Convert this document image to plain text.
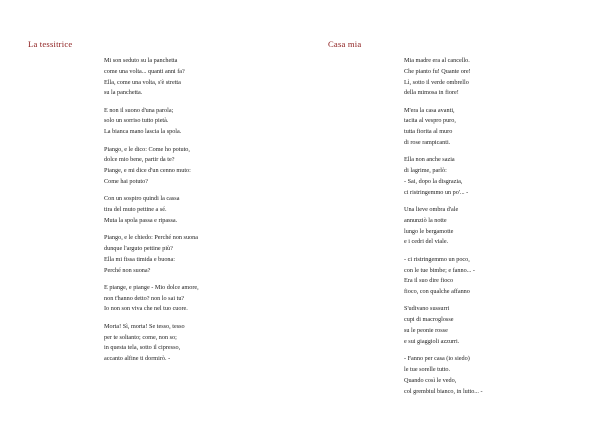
La tessitrice
Mi son seduto su la panchetta
come una volta... quanti anni fa?
Ella, come una volta, s'è stretta
su la panchetta.
E non il suono d'una parola;
solo un sorriso tutto pietà.
La bianca mano lascia la spola.
Piango, e le dico: Come ho potuto,
dolce mio bene, partir da te?
Piange, e mi dice d'un cenno muto:
Come hai potuto?
Con un sospiro quindi la cassa
tira del muto pettine a sé.
Muta la spola passa e ripassa.
Piango, e le chiedo: Perché non suona
dunque l'arguto pettine più?
Ella mi fissa timida e buona:
Perché non suona?
E piange, e piange - Mio dolce amore,
non t'hanno detto? non lo sai tu?
Io non son viva che nel tuo cuore.
Morta! Sì, morta! Se tesso, tesso
per te soltanto; come, non so;
in questa tela, sotto il cipresso,
accanto alfine ti dormirò. -
Casa mia
Mia madre era al cancello.
Che pianto fu! Quante ore!
Lì, sotto il verde ombrello
della mimosa in fiore!
M'era la casa avanti,
tacita al vespro puro,
tutta fiorita al muro
di rose rampicanti.
Ella non anche sazia
di lagrime, parlò:
- Sai, dopo la disgrazia,
ci ristringemmo un po'... -
Una lieve ombra d'ale
annunziò la notte
lungo le bergamotte
e i cedri del viale.
- ci ristringemmo un poco,
con le tue bimbe; e fanno... -
Era il suo dire fioco
fioco, con qualche affanno
S'udivano sussurri
cupi di macroglosse
su le peonie rosse
e sui giaggioli azzurri.
- Fanno per casa (io siedo)
le tue sorelle tutto.
Quando così le vedo,
col grembiul bianco, in lutto... -
